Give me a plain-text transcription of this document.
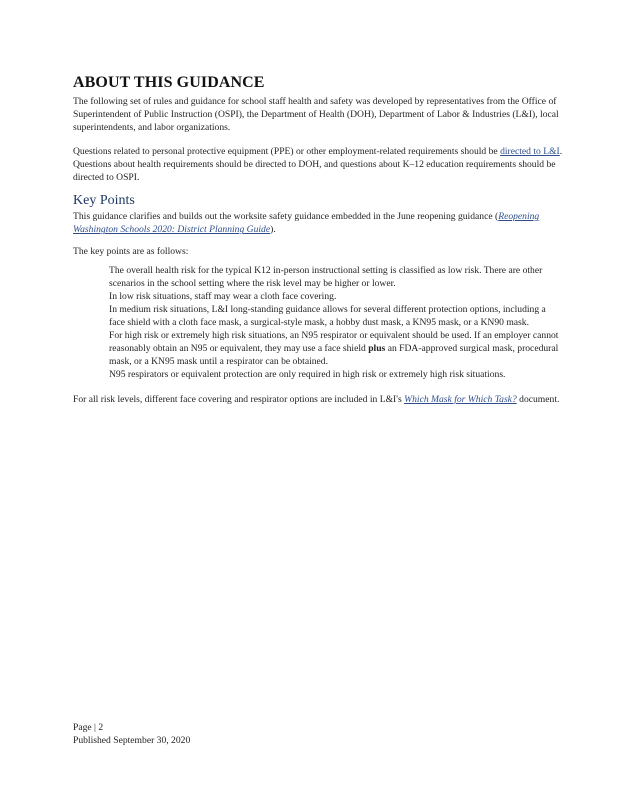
ABOUT THIS GUIDANCE

The following set of rules and guidance for school staff health and safety was developed by representatives from the Office of Superintendent of Public Instruction (OSPI), the Department of Health (DOH), Department of Labor & Industries (L&I), local superintendents, and labor organizations.

Questions related to personal protective equipment (PPE) or other employment-related requirements should be directed to L&I. Questions about health requirements should be directed to DOH, and questions about K–12 education requirements should be directed to OSPI.

Key Points

This guidance clarifies and builds out the worksite safety guidance embedded in the June reopening guidance (Reopening Washington Schools 2020: District Planning Guide).

The key points are as follows:

The overall health risk for the typical K12 in-person instructional setting is classified as low risk. There are other scenarios in the school setting where the risk level may be higher or lower.
In low risk situations, staff may wear a cloth face covering.
In medium risk situations, L&I long-standing guidance allows for several different protection options, including a face shield with a cloth face mask, a surgical-style mask, a hobby dust mask, a KN95 mask, or a KN90 mask.
For high risk or extremely high risk situations, an N95 respirator or equivalent should be used. If an employer cannot reasonably obtain an N95 or equivalent, they may use a face shield plus an FDA-approved surgical mask, procedural mask, or a KN95 mask until a respirator can be obtained.
N95 respirators or equivalent protection are only required in high risk or extremely high risk situations.

For all risk levels, different face covering and respirator options are included in L&I's Which Mask for Which Task? document.

Page | 2
Published September 30, 2020
